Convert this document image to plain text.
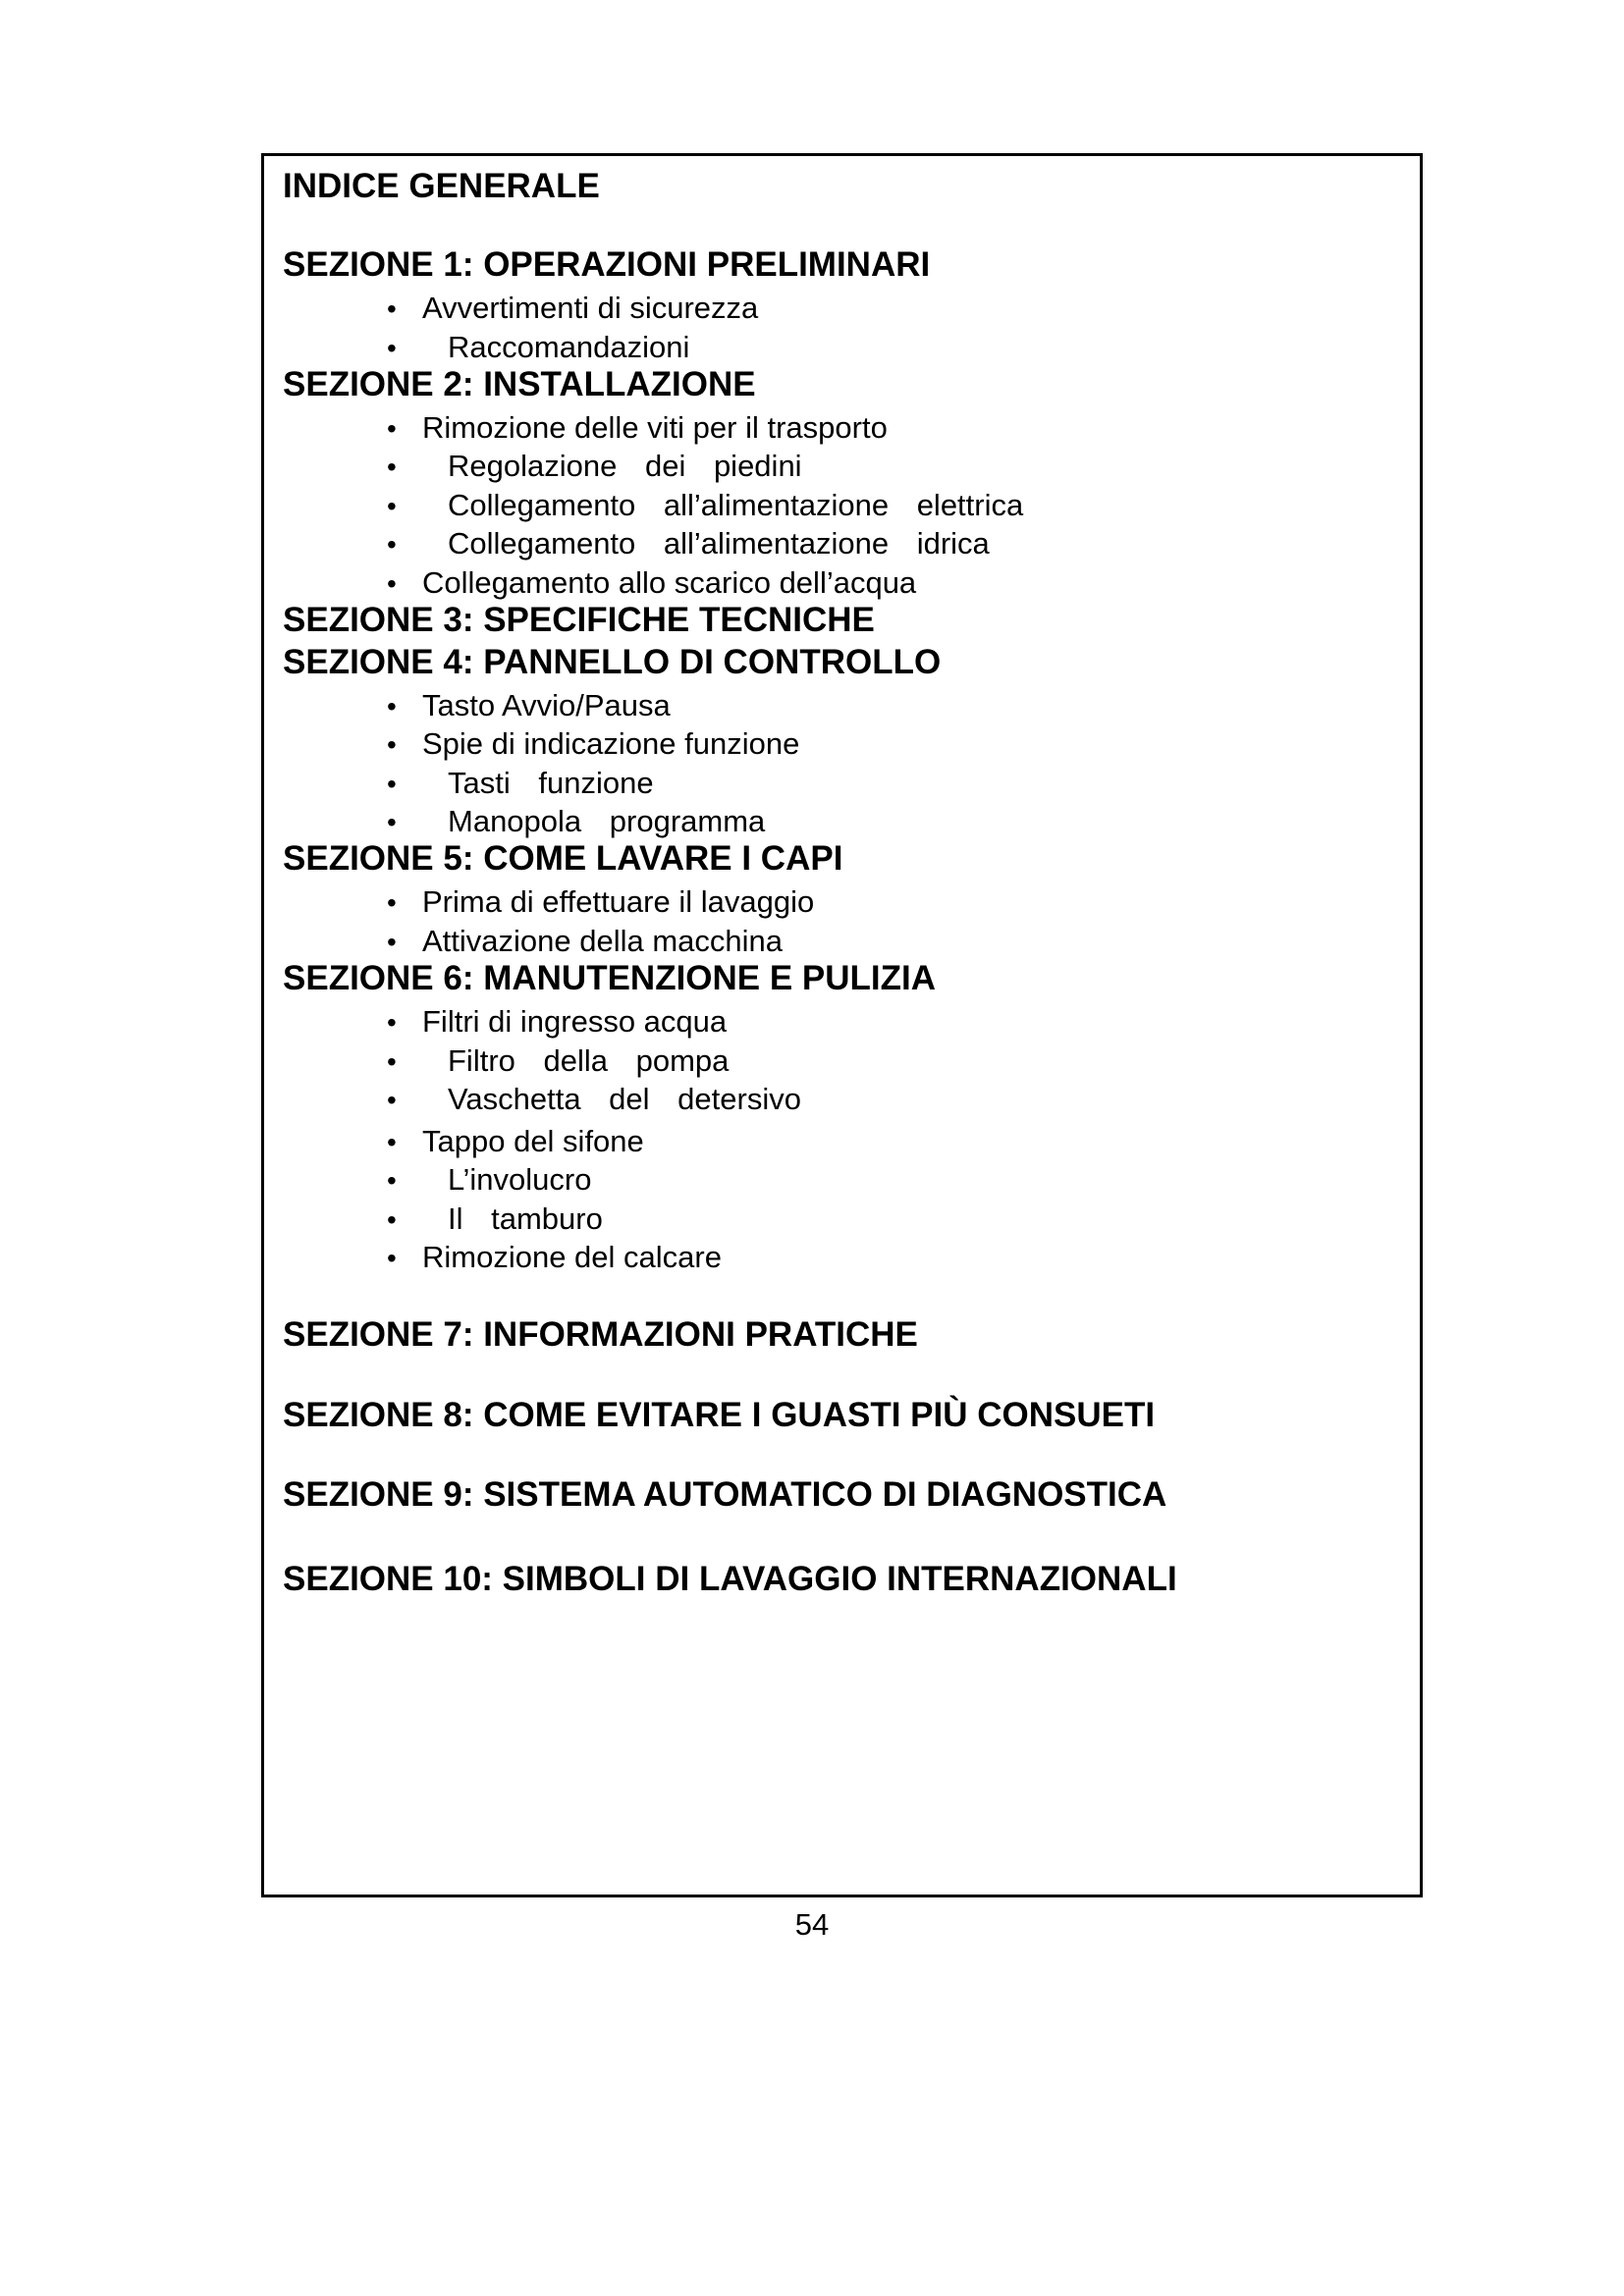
INDICE GENERALE
SEZIONE 1: OPERAZIONI PRELIMINARI
• Avvertimenti di sicurezza
• Raccomandazioni
SEZIONE 2: INSTALLAZIONE
• Rimozione delle viti per il trasporto
• Regolazione dei piedini
• Collegamento all’alimentazione elettrica
• Collegamento all’alimentazione idrica
• Collegamento allo scarico dell’acqua
SEZIONE 3: SPECIFICHE TECNICHE
SEZIONE 4: PANNELLO DI CONTROLLO
• Tasto Avvio/Pausa
• Spie di indicazione funzione
• Tasti funzione
• Manopola programma
SEZIONE 5: COME LAVARE I CAPI
• Prima di effettuare il lavaggio
• Attivazione della macchina
SEZIONE 6: MANUTENZIONE E PULIZIA
• Filtri di ingresso acqua
• Filtro della pompa
• Vaschetta del detersivo
• Tappo del sifone
• L’involucro
• Il tamburo
• Rimozione del calcare
SEZIONE 7: INFORMAZIONI PRATICHE
SEZIONE 8: COME EVITARE I GUASTI PIÙ CONSUETI
SEZIONE 9: SISTEMA AUTOMATICO DI DIAGNOSTICA
SEZIONE 10: SIMBOLI DI LAVAGGIO INTERNAZIONALI
54
